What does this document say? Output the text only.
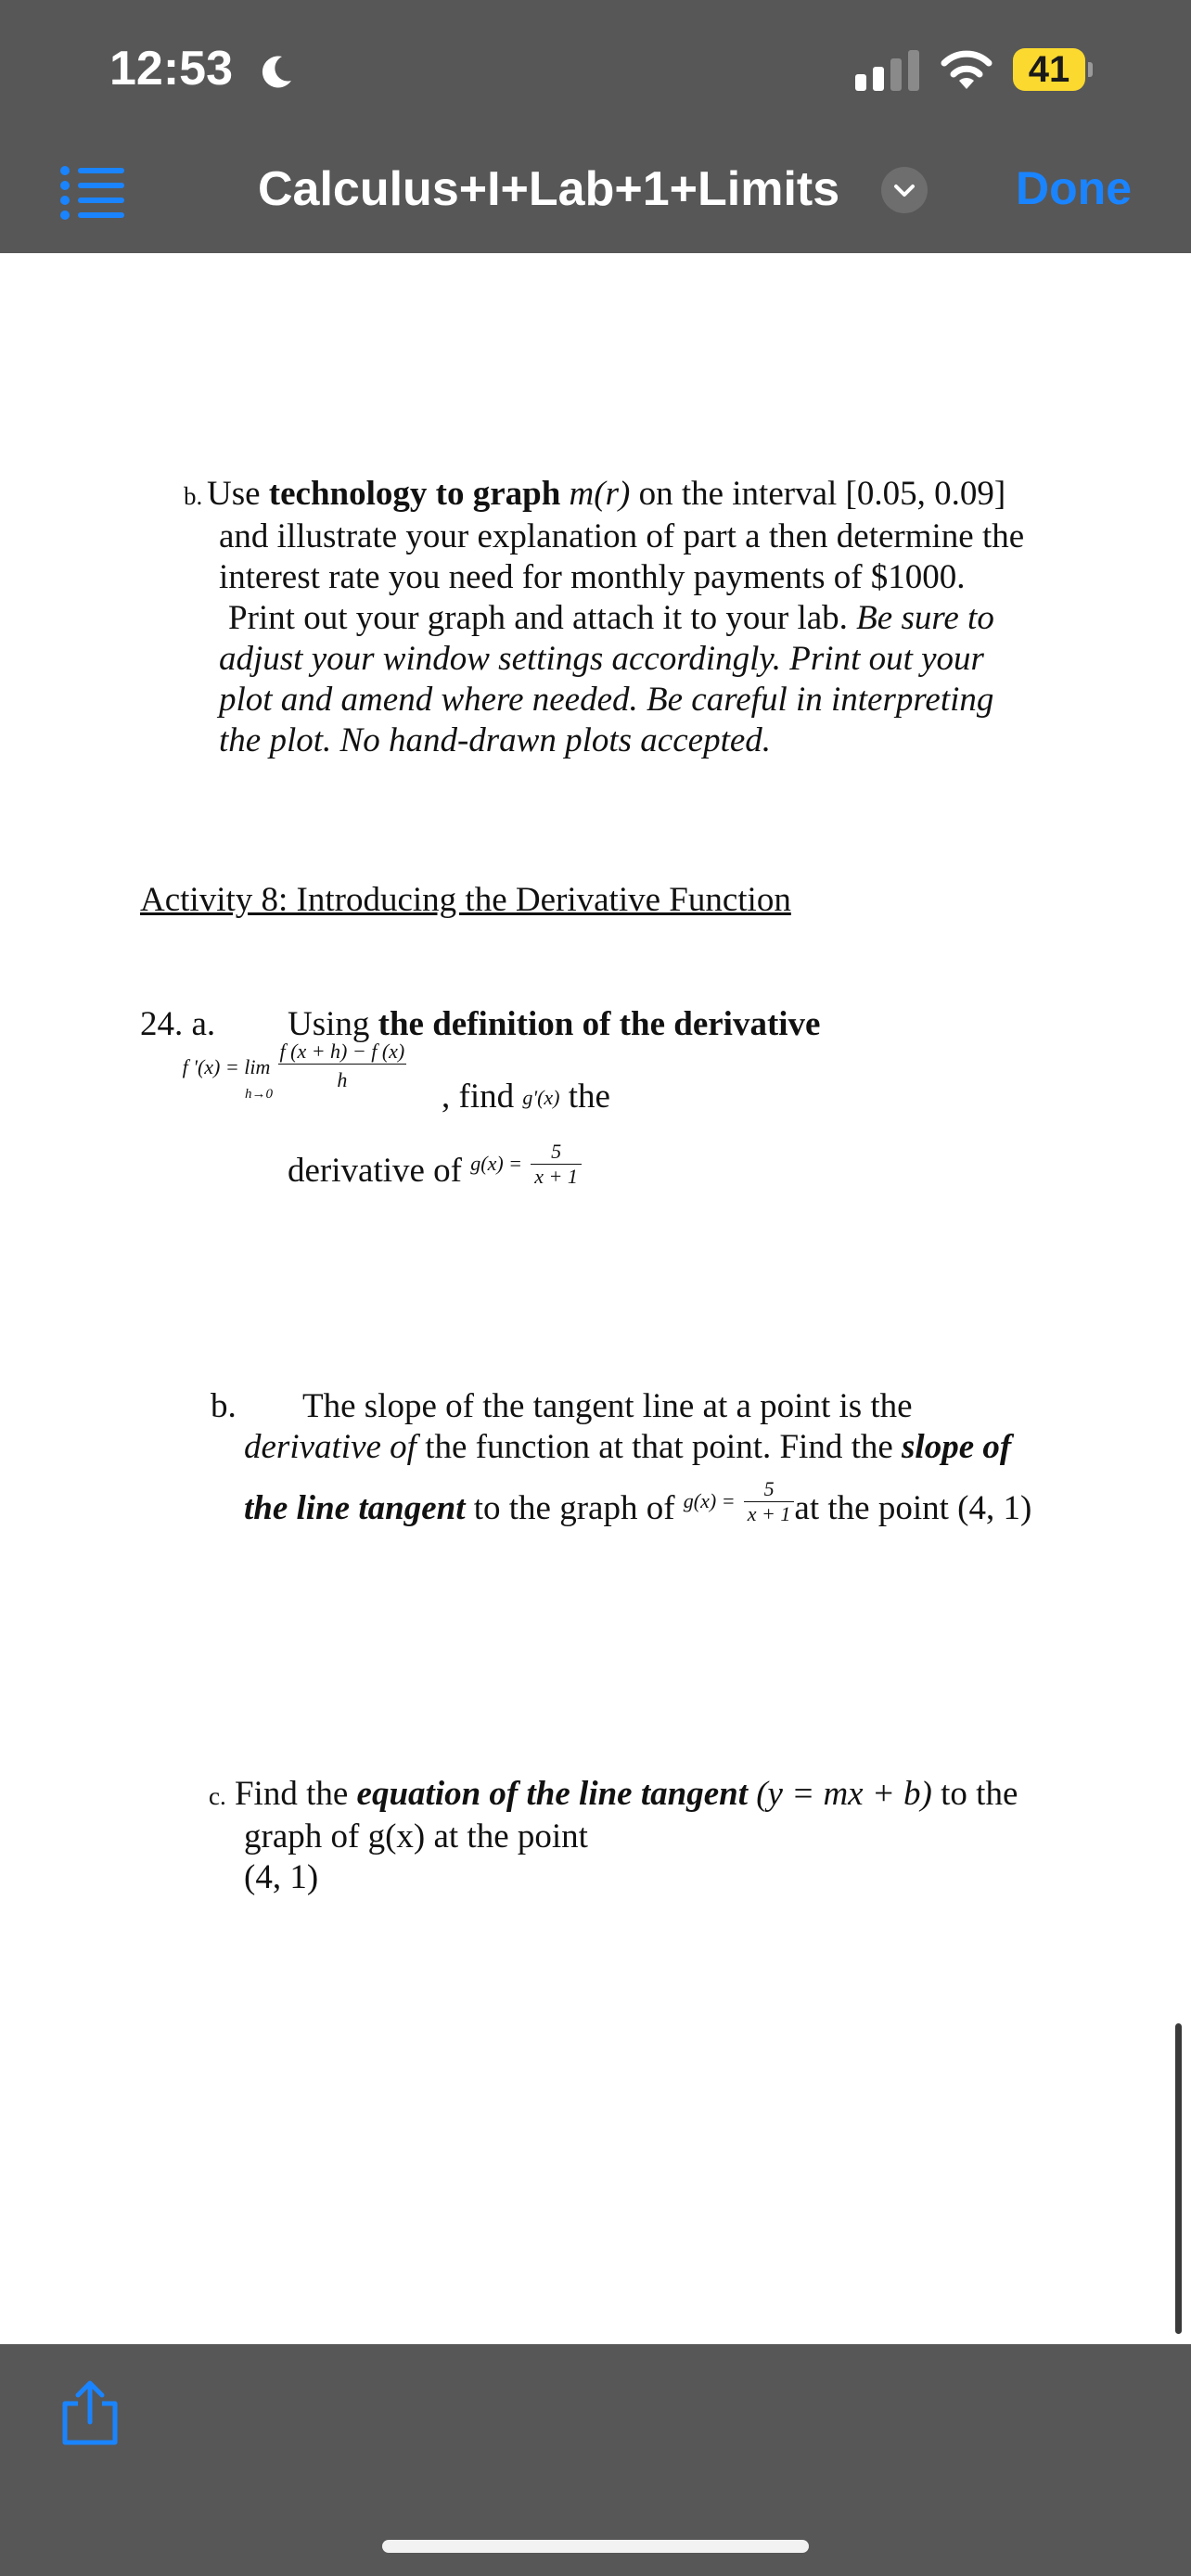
12:53	41
Calculus+I+Lab+1+Limits	Done
b. Use technology to graph m(r) on the interval [0.05, 0.09]
and illustrate your explanation of part a then determine the
interest rate you need for monthly payments of $1000.
Print out your graph and attach it to your lab. Be sure to
adjust your window settings accordingly. Print out your
plot and amend where needed. Be careful in interpreting
the plot. No hand-drawn plots accepted.
Activity 8: Introducing the Derivative Function
24. a. Using the definition of the derivative
f '(x) = lim
h→0
$\frac{f (x + h) - f (x)}{h}$
, find g'(x) the
derivative of $^{g(x) =} \frac{5}{x + 1}$
b. The slope of the tangent line at a point is the
derivative of the function at that point. Find the slope of
the line tangent to the graph of $^{g(x) =} \frac{5}{x + 1}$ at the point (4, 1)
c. Find the equation of the line tangent (y = mx + b) to the
graph of g(x) at the point
(4, 1)
